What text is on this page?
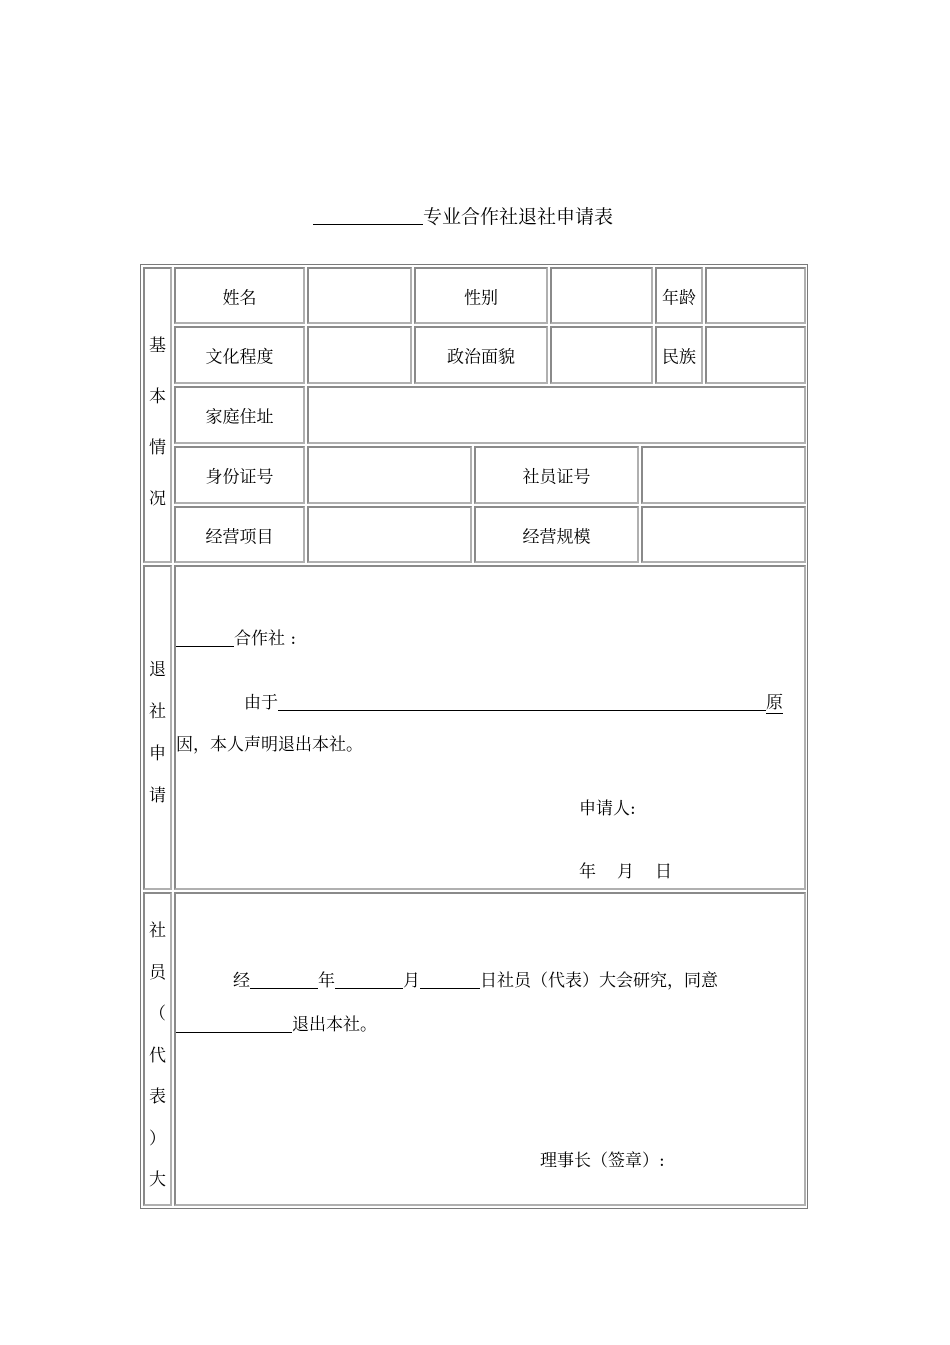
专业合作社退社申请表
基
本
情
况
姓名	性别	年龄
文化程度	政治面貌	民族
家庭住址
身份证号	社员证号
经营项目	经营规模
退
社
申
请
合作社 :
由于	原
因，本人声明退出本社。
申请人:
年 月 日
社
员
（
代
表
）
大
经	年	月	日社员（代表）大会研究，同意
退出本社。
理事长（签章）:
